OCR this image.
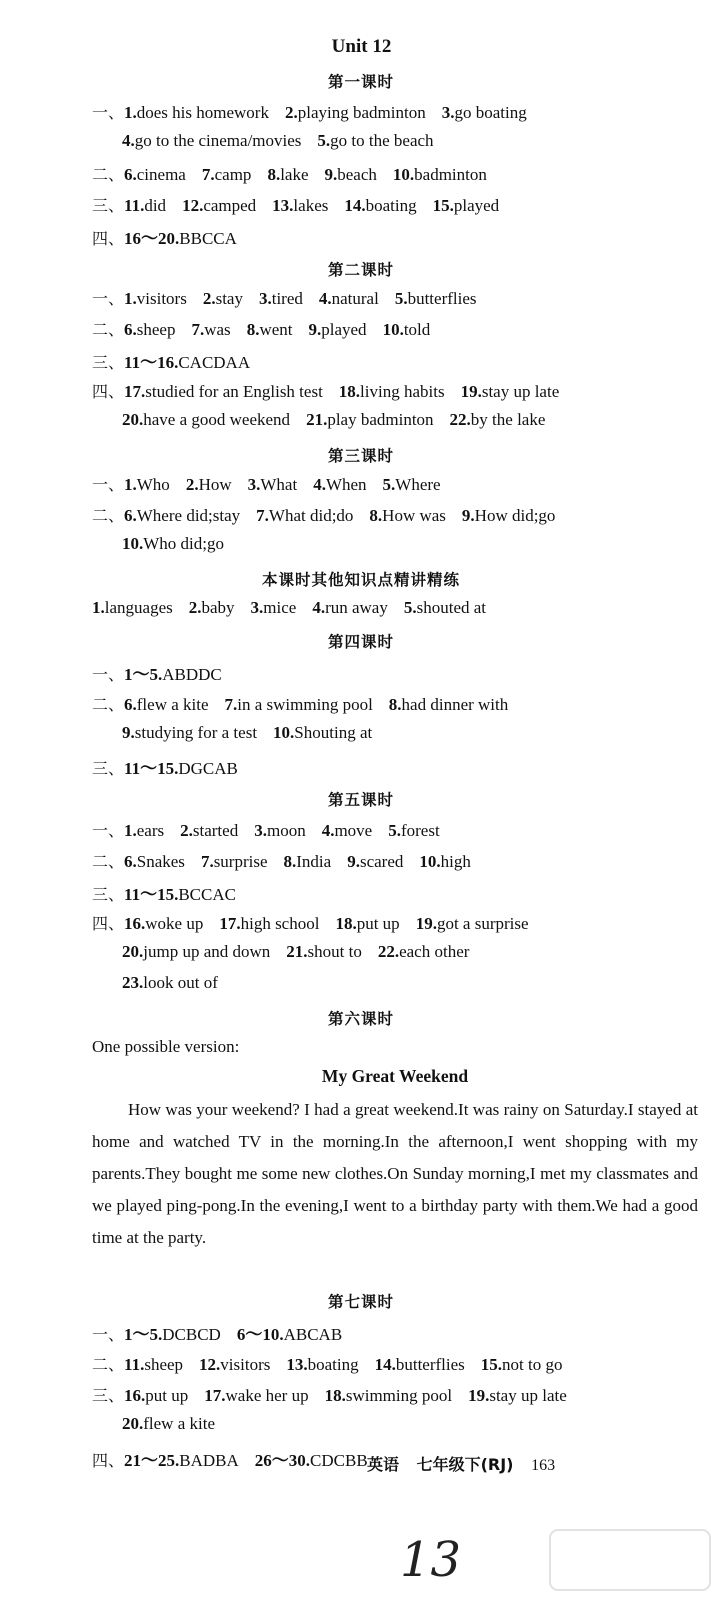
Unit 12
第一课时
一、1.does his homework 2.playing badminton 3.go boating
4.go to the cinema/movies 5.go to the beach
二、6.cinema 7.camp 8.lake 9.beach 10.badminton
三、11.did 12.camped 13.lakes 14.boating 15.played
四、16～20.BBCCA
第二课时
一、1.visitors 2.stay 3.tired 4.natural 5.butterflies
二、6.sheep 7.was 8.went 9.played 10.told
三、11～16.CACDAA
四、17.studied for an English test 18.living habits 19.stay up late
20.have a good weekend 21.play badminton 22.by the lake
第三课时
一、1.Who 2.How 3.What 4.When 5.Where
二、6.Where did;stay 7.What did;do 8.How was 9.How did;go
10.Who did;go
本课时其他知识点精讲精练
1.languages 2.baby 3.mice 4.run away 5.shouted at
第四课时
一、1～5.ABDDC
二、6.flew a kite 7.in a swimming pool 8.had dinner with
9.studying for a test 10.Shouting at
三、11～15.DGCAB
第五课时
一、1.ears 2.started 3.moon 4.move 5.forest
二、6.Snakes 7.surprise 8.India 9.scared 10.high
三、11～15.BCCAC
四、16.woke up 17.high school 18.put up 19.got a surprise
20.jump up and down 21.shout to 22.each other
23.look out of
第六课时
One possible version:
第七课时
一、1～5.DCBCD 6～10.ABCAB
二、11.sheep 12.visitors 13.boating 14.butterflies 15.not to go
三、16.put up 17.wake her up 18.swimming pool 19.stay up late
20.flew a kite
四、21～25.BADBA 26～30.CDCBB
My Great Weekend
How was your weekend? I had a great weekend.It was rainy on Saturday.I stayed at home and watched TV in the morning.In the afternoon,I went shopping with my parents.They bought me some new clothes.On Sunday morning,I met my classmates and we played ping-pong.In the evening,I went to a birthday party with them.We had a good time at the party.
英语 七年级下(RJ) 163
13
